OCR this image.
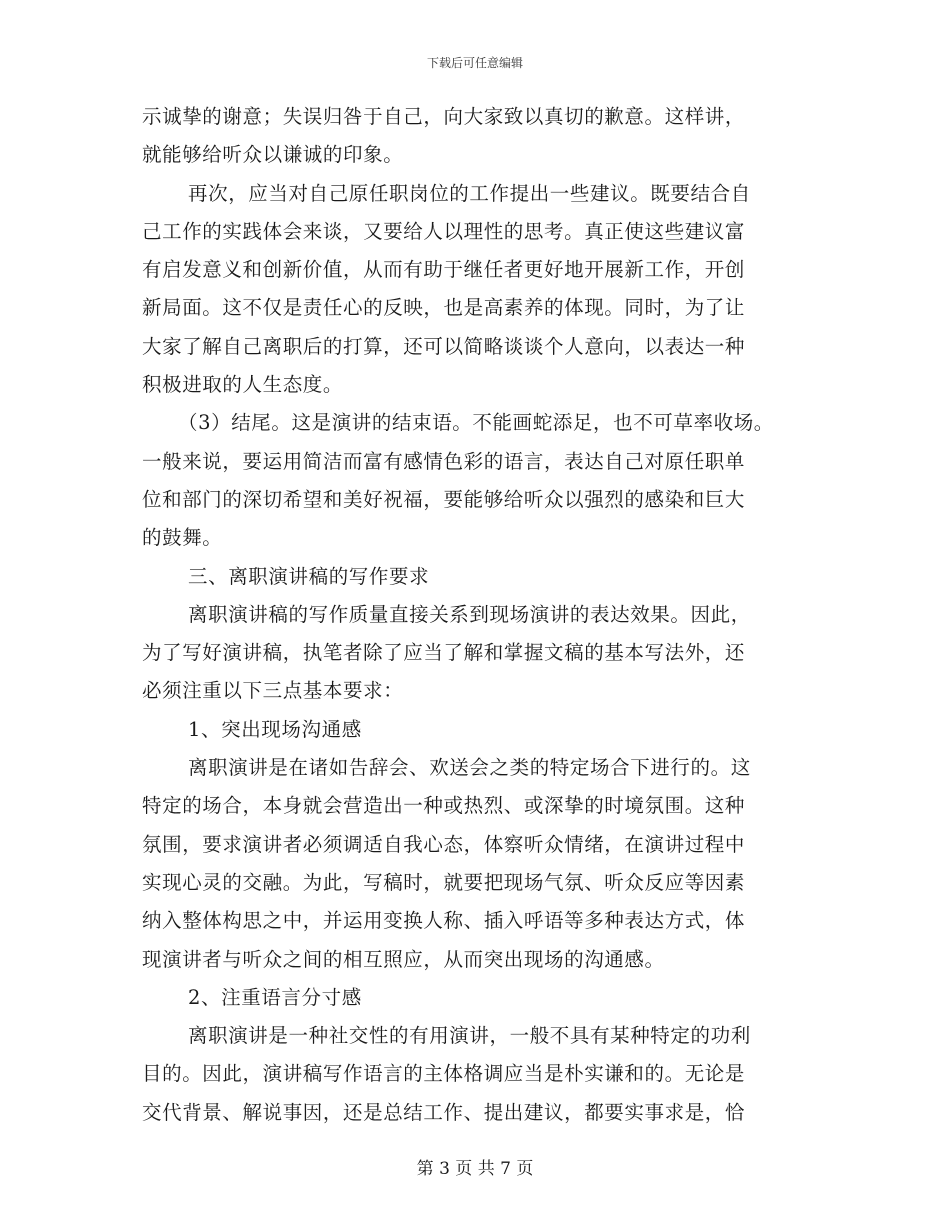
下载后可任意编辑
示诚挚的谢意；失误归咎于自己，向大家致以真切的歉意。这样讲，
就能够给听众以谦诚的印象。
再次，应当对自己原任职岗位的工作提出一些建议。既要结合自
己工作的实践体会来谈，又要给人以理性的思考。真正使这些建议富
有启发意义和创新价值，从而有助于继任者更好地开展新工作，开创
新局面。这不仅是责任心的反映，也是高素养的体现。同时，为了让
大家了解自己离职后的打算，还可以简略谈谈个人意向，以表达一种
积极进取的人生态度。
（3）结尾。这是演讲的结束语。不能画蛇添足，也不可草率收场。
一般来说，要运用简洁而富有感情色彩的语言，表达自己对原任职单
位和部门的深切希望和美好祝福，要能够给听众以强烈的感染和巨大
的鼓舞。
三、离职演讲稿的写作要求
离职演讲稿的写作质量直接关系到现场演讲的表达效果。因此，
为了写好演讲稿，执笔者除了应当了解和掌握文稿的基本写法外，还
必须注重以下三点基本要求：
1、突出现场沟通感
离职演讲是在诸如告辞会、欢送会之类的特定场合下进行的。这
特定的场合，本身就会营造出一种或热烈、或深挚的时境氛围。这种
氛围，要求演讲者必须调适自我心态，体察听众情绪，在演讲过程中
实现心灵的交融。为此，写稿时，就要把现场气氛、听众反应等因素
纳入整体构思之中，并运用变换人称、插入呼语等多种表达方式，体
现演讲者与听众之间的相互照应，从而突出现场的沟通感。
2、注重语言分寸感
离职演讲是一种社交性的有用演讲，一般不具有某种特定的功利
目的。因此，演讲稿写作语言的主体格调应当是朴实谦和的。无论是
交代背景、解说事因，还是总结工作、提出建议，都要实事求是，恰
第 3 页 共 7 页
